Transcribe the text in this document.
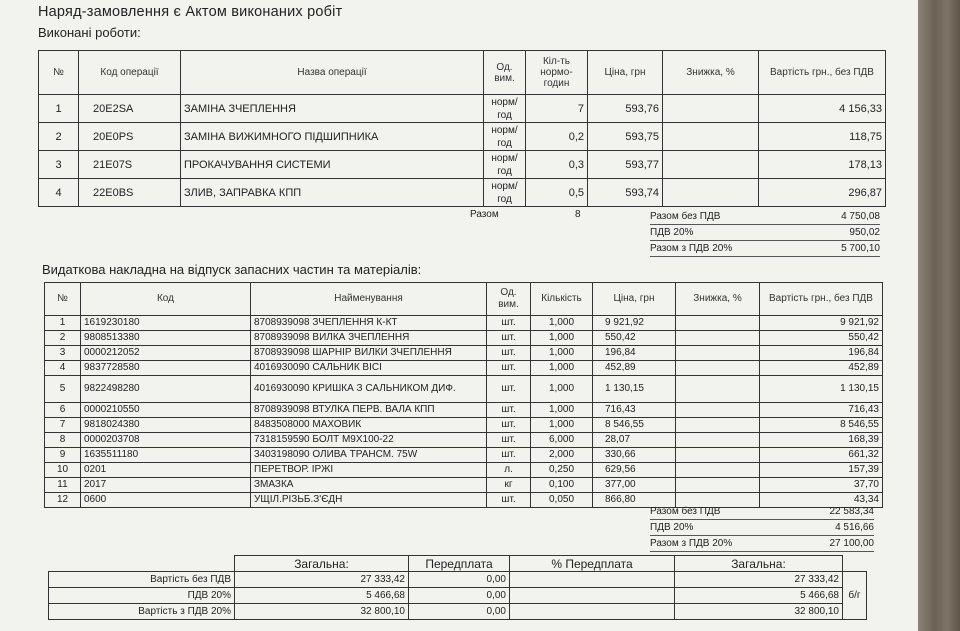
Наряд-замовлення є Актом виконаних робіт
Виконані роботи:
№	Код операції	Назва операції	Од. вим.	Кіл-ть нормо-годин	Ціна, грн	Знижка, %	Вартість грн., без ПДВ
1	20E2SA	ЗАМІНА ЗЧЕПЛЕННЯ	норм/год	7	593,76		4 156,33
2	20E0PS	ЗАМІНА ВИЖИМНОГО ПІДШИПНИКА	норм/год	0,2	593,75		118,75
3	21E07S	ПРОКАЧУВАННЯ СИСТЕМИ	норм/год	0,3	593,77		178,13
4	22E0BS	ЗЛИВ, ЗАПРАВКА КПП	норм/год	0,5	593,74		296,87
Разом	8	Разом без ПДВ	4 750,08
ПДВ 20%	950,02
Разом з ПДВ 20%	5 700,10
Видаткова накладна на відпуск запасних частин та матеріалів:
№	Код	Найменування	Од. вим.	Кількість	Ціна, грн	Знижка, %	Вартість грн., без ПДВ
1	1619230180	8708939098 ЗЧЕПЛЕННЯ К-КТ	шт.	1,000	9 921,92		9 921,92
2	9808513380	8708939098 ВИЛКА ЗЧЕПЛЕННЯ	шт.	1,000	550,42		550,42
3	0000212052	8708939098 ШАРНІР ВИЛКИ ЗЧЕПЛЕННЯ	шт.	1,000	196,84		196,84
4	9837728580	4016930090 САЛЬНИК ВІСІ	шт.	1,000	452,89		452,89
5	9822498280	4016930090 КРИШКА З САЛЬНИКОМ ДИФ.	шт.	1,000	1 130,15		1 130,15
6	0000210550	8708939098 ВТУЛКА ПЕРВ. ВАЛА КПП	шт.	1,000	716,43		716,43
7	9818024380	8483508000 МАХОВИК	шт.	1,000	8 546,55		8 546,55
8	0000203708	7318159590 БОЛТ М9Х100-22	шт.	6,000	28,07		168,39
9	1635511180	3403198090 ОЛИВА ТРАНСМ. 75W	шт.	2,000	330,66		661,32
10	0201	ПЕРЕТВОР. ІРЖІ	л.	0,250	629,56		157,39
11	2017	ЗМАЗКА	кг	0,100	377,00		37,70
12	0600	УЩІЛ.РІЗЬБ.З'ЄДН	шт.	0,050	866,80		43,34
Разом без ПДВ	22 583,34
ПДВ 20%	4 516,66
Разом з ПДВ 20%	27 100,00
	Загальна:	Передплата	% Передплата	Загальна:	
Вартість без ПДВ	27 333,42	0,00		27 333,42	б/г
ПДВ 20%	5 466,68	0,00		5 466,68	
Вартість з ПДВ 20%	32 800,10	0,00		32 800,10	
